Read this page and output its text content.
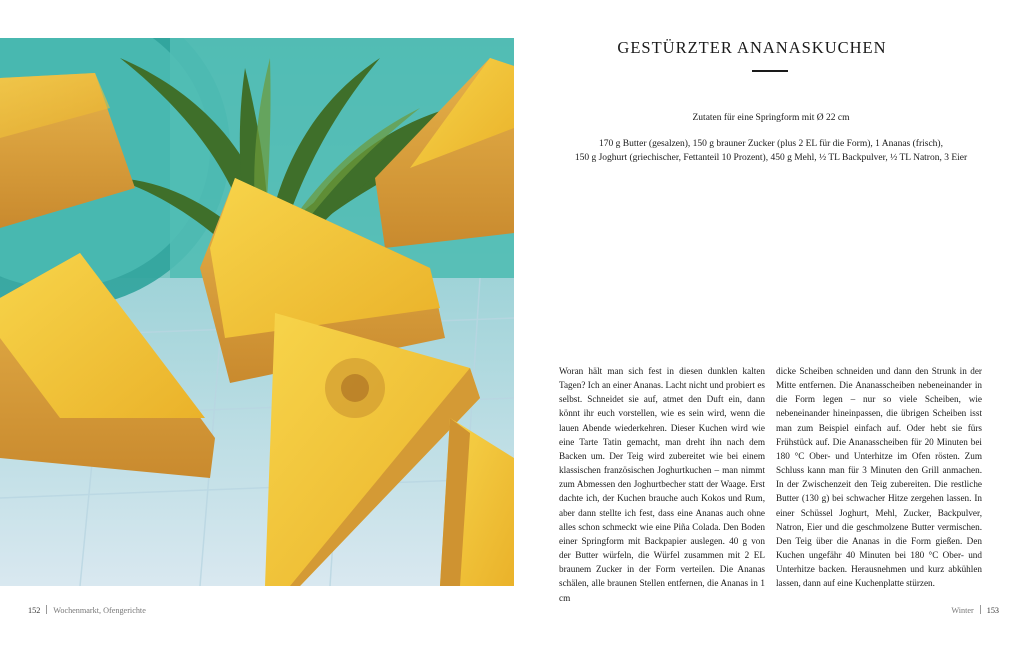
152 Wochenmarkt, Ofengerichte
GESTÜRZTER ANANASKUCHEN

Zutaten für eine Springform mit Ø 22 cm

170 g Butter (gesalzen), 150 g brauner Zucker (plus 2 EL für die Form), 1 Ananas (frisch),
150 g Joghurt (griechischer, Fettanteil 10 Prozent), 450 g Mehl, ½ TL Backpulver, ½ TL Natron, 3 Eier

Woran hält man sich fest in diesen dunklen kalten Tagen? Ich an einer Ananas. Lacht nicht und probiert es selbst. Schneidet sie auf, atmet den Duft ein, dann könnt ihr euch vorstellen, wie es sein wird, wenn die lauen Abende wiederkehren. Dieser Kuchen wird wie eine Tarte Tatin gemacht, man dreht ihn nach dem Backen um. Der Teig wird zubereitet wie bei einem klassischen französischen Joghurtkuchen – man nimmt zum Abmessen den Joghurtbecher statt der Waage. Erst dachte ich, der Kuchen brauche auch Kokos und Rum, aber dann stellte ich fest, dass eine Ananas auch ohne alles schon schmeckt wie eine Piña Colada. Den Boden einer Springform mit Backpapier auslegen. 40 g von der Butter würfeln, die Würfel zusammen mit 2 EL braunem Zucker in der Form verteilen. Die Ananas schälen, alle braunen Stellen entfernen, die Ananas in 1 cm

dicke Scheiben schneiden und dann den Strunk in der Mitte entfernen. Die Ananasscheiben nebeneinander in die Form legen – nur so viele Scheiben, wie nebeneinander hineinpassen, die übrigen Scheiben isst man zum Beispiel einfach auf. Oder hebt sie fürs Frühstück auf. Die Ananasscheiben für 20 Minuten bei 180 °C Ober- und Unterhitze im Ofen rösten. Zum Schluss kann man für 3 Minuten den Grill anmachen. In der Zwischenzeit den Teig zubereiten. Die restliche Butter (130 g) bei schwacher Hitze zergehen lassen. In einer Schüssel Joghurt, Mehl, Zucker, Backpulver, Natron, Eier und die geschmolzene Butter vermischen. Den Teig über die Ananas in die Form gießen. Den Kuchen ungefähr 40 Minuten bei 180 °C Ober- und Unterhitze backen. Herausnehmen und kurz abkühlen lassen, dann auf eine Kuchenplatte stürzen.

Winter 153
